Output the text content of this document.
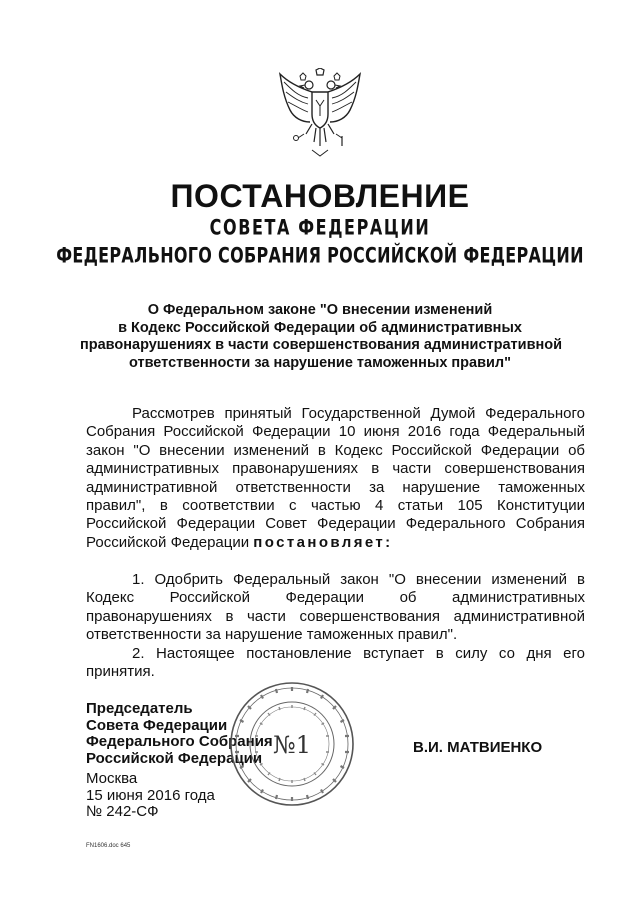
ПОСТАНОВЛЕНИЕ
СОВЕТА ФЕДЕРАЦИИ
ФЕДЕРАЛЬНОГО СОБРАНИЯ РОССИЙСКОЙ ФЕДЕРАЦИИ
О Федеральном законе "О внесении изменений
в Кодекс Российской Федерации об административных
правонарушениях в части совершенствования административной
ответственности за нарушение таможенных правил"

Рассмотрев принятый Государственной Думой Федерального Собрания Российской Федерации 10 июня 2016 года Федеральный закон "О внесении изменений в Кодекс Российской Федерации об административных правонарушениях в части совершенствования административной ответственности за нарушение таможенных правил", в соответствии с частью 4 статьи 105 Конституции Российской Федерации Совет Федерации Федерального Собрания Российской Федерации постановляет:

1. Одобрить Федеральный закон "О внесении изменений в Кодекс Российской Федерации об административных правонарушениях в части совершенствования административной ответственности за нарушение таможенных правил".

2. Настоящее постановление вступает в силу со дня его принятия.

Председатель
Совета Федерации
Федерального Собрания
Российской Федерации
В.И. МАТВИЕНКО
Москва
15 июня 2016 года
№ 242-СФ
№1
FN1606.doc 645
